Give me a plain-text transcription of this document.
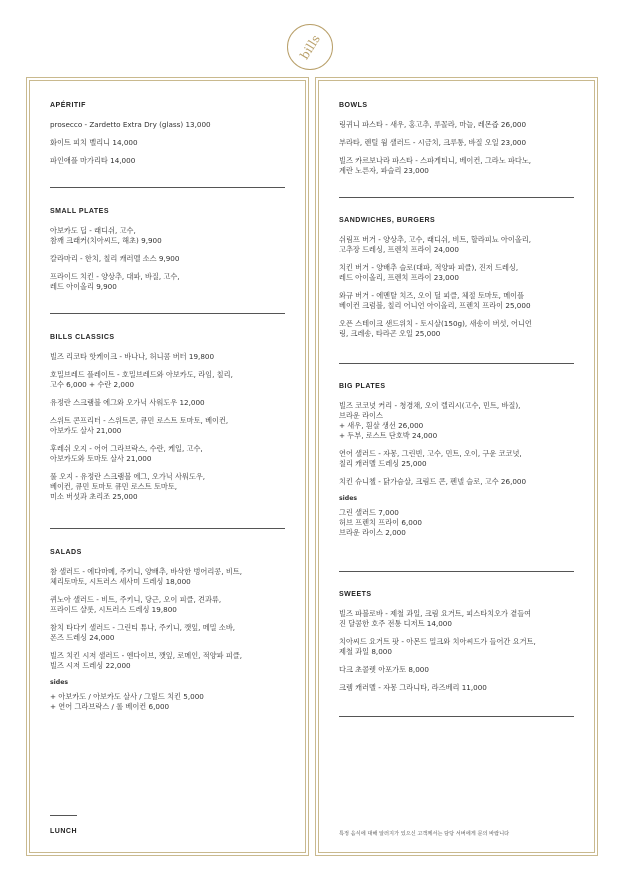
bills
APÉRITIF

prosecco - Zardetto Extra Dry (glass) 13,000

화이트 피치 벨리니 14,000

파인애플 마가리타 14,000

SMALL PLATES

아보카도 딥 - 래디쉬, 고수,
참깨 크래커(치아씨드, 해초) 9,900

칼라마리 - 한치, 칠리 캐러멜 소스 9,900

프라이드 치킨 - 양상추, 대파, 바질, 고수,
레드 아이올리 9,900

BILLS CLASSICS

빌즈 리코타 핫케이크 - 바나나, 허니콤 버터 19,800

호밀브레드 플레이트 - 호밀브레드와 아보카도, 라임, 칠리,
고수 6,000 + 수란 2,000

유정란 스크램블 에그와 오가닉 사워도우 12,000

스위트 콘프리터 - 스위트콘, 큐민 로스트 토마토, 베이컨,
아보카도 살사 21,000

후레쉬 오지 - 어어 그라브락스, 수란, 케일, 고수,
아보카도와 토마토 살사 21,000

풀 오지 - 유정란 스크램블 에그, 오가닉 사워도우,
베이컨, 큐민 토마토 큐민 로스트 토마토,
미소 버섯과 초리조 25,000

SALADS

참 샐러드 - 에다마메, 주키니, 양배추, 바삭한 벙어리콩, 비트,
체리토마토, 시트러스 세사미 드레싱 18,000

퀴노아 샐러드 - 비트, 주키니, 당근, 오이 피클, 견과류,
프라이드 샬롯, 시트러스 드레싱 19,800

참치 타다키 샐러드 - 그린티 튜나, 주키니, 깻잎, 메밀 소바,
폰즈 드레싱 24,000

빌즈 치킨 시저 샐러드 - 엔다이브, 깻잎, 로메인, 적양파 피클,
빌즈 시저 드레싱 22,000

sides

+ 아보카도 / 아보카도 살사 / 그릴드 치킨 5,000
+ 연어 그라브락스 / 롤 베이컨 6,000

LUNCH
BOWLS

링귀니 파스타 - 새우, 홍고추, 루꼴라, 마늘, 레몬즙 26,000

부라타, 렌틸 웜 샐러드 - 시금치, 크루통, 바질 오일 23,000

빌즈 카르보나라 파스타 - 스파게티니, 베이컨, 그라노 파다노,
계란 노른자, 파슬리 23,000

SANDWICHES, BURGERS

쉬림프 버거 - 양상추, 고수, 래디쉬, 비트, 할라피뇨 아이올리,
고추장 드레싱, 프렌치 프라이 24,000

치킨 버거 - 양배추 슬로(대파, 적양파 피클), 진저 드레싱,
레드 아이올리, 프렌치 프라이 23,000

와규 버거 - 에멘탈 치즈, 오이 딜 피클, 체절 토마토, 메이플
베이컨 크럼블, 칠리 어니언 아이올리, 프렌치 프라이 25,000

오픈 스테이크 샌드위치 - 토시살(150g), 새송이 버섯, 어니언
링, 크레송, 타라곤 오일 25,000

BIG PLATES

빌즈 코코넛 커리 - 청경채, 오이 렐리시(고수, 민트, 바질),
브라운 라이스
+ 새우, 흰살 생선 26,000
+ 두부, 로스트 단호박 24,000

연어 샐러드 - 자몽, 그린빈, 고수, 민트, 오이, 구운 코코넛,
칠리 캐러멜 드레싱 25,000

치킨 슈니첼 - 닭가슴살, 크림드 콘, 펜넬 슬로, 고수 26,000

sides

그린 샐러드 7,000
허브 프렌치 프라이 6,000
브라운 라이스 2,000

SWEETS

빌즈 파블로바 - 제철 과일, 크림 요거트, 피스타치오가 곁들여
진 달콤한 호주 전통 디저트 14,000

치아씨드 요거트 팟 - 아몬드 밀크와 치아씨드가 들어간 요거트,
제철 과일 8,000

다크 초콜렛 아포가토 8,000

크렘 캐러멜 - 자몽 그라니타, 라즈베리 11,000

특정 음식에 대해 알러지가 있으신 고객께서는 담당 서버에게 문의 바랍니다
